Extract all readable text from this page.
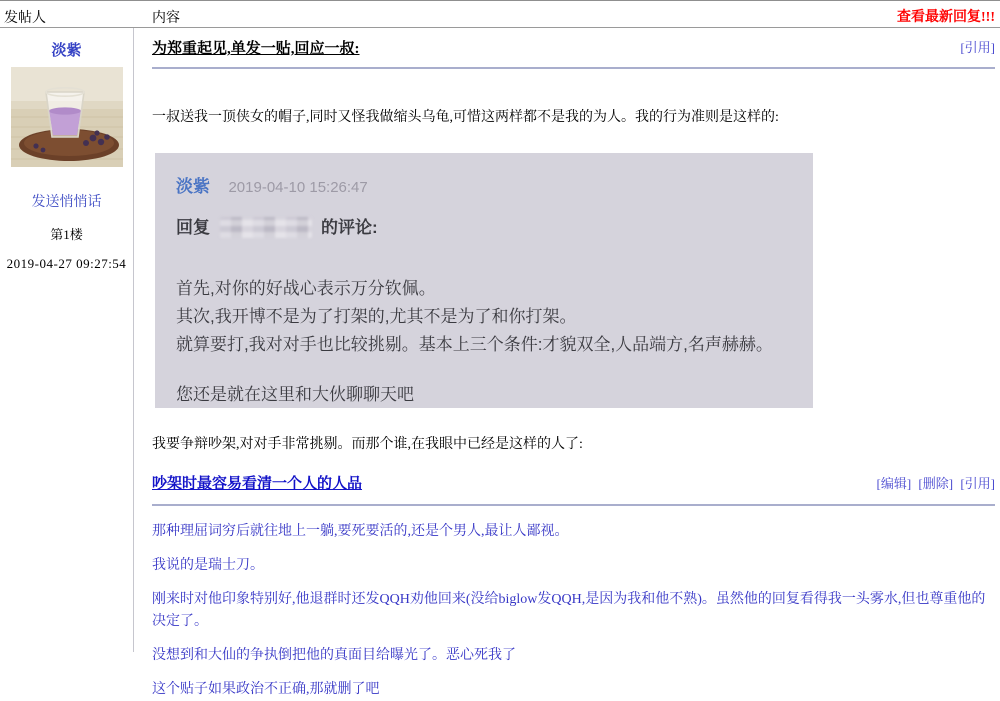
发帖人	内容	查看最新回复!!!
淡紫
发送悄悄话
第1楼
2019-04-27 09:27:54
为郑重起见,单发一贴,回应一叔:	[引用]

一叔送我一顶侠女的帽子,同时又怪我做缩头乌龟,可惜这两样都不是我的为人。我的行为准则是这样的:

淡紫 2019-04-10 15:26:47
回复	的评论:
首先,对你的好战心表示万分钦佩。
其次,我开博不是为了打架的,尤其不是为了和你打架。
就算要打,我对对手也比较挑剔。基本上三个条件:才貌双全,人品端方,名声赫赫。
您还是就在这里和大伙聊聊天吧

我要争辩吵架,对对手非常挑剔。而那个谁,在我眼中已经是这样的人了:

吵架时最容易看清一个人的人品	[编辑] [删除] [引用]

那种理屈词穷后就往地上一躺,要死要活的,还是个男人,最让人鄙视。

我说的是瑞士刀。

刚来时对他印象特别好,他退群时还发QQH劝他回来(没给biglow发QQH,是因为我和他不熟)。虽然他的回复看得我一头雾水,但也尊重他的决定了。

没想到和大仙的争执倒把他的真面目给曝光了。恶心死我了

这个贴子如果政治不正确,那就删了吧
